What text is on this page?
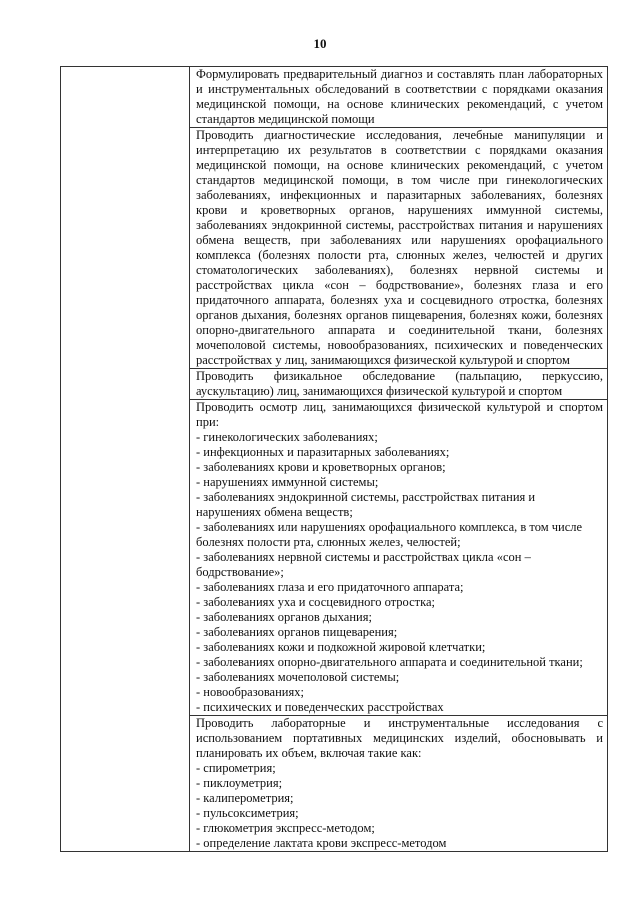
10

Формулировать предварительный диагноз и составлять план лабораторных и инструментальных обследований в соответствии с порядками оказания медицинской помощи, на основе клинических рекомендаций, с учетом стандартов медицинской помощи

Проводить диагностические исследования, лечебные манипуляции и интерпретацию их результатов в соответствии с порядками оказания медицинской помощи, на основе клинических рекомендаций, с учетом стандартов медицинской помощи, в том числе при гинекологических заболеваниях, инфекционных и паразитарных заболеваниях, болезнях крови и кроветворных органов, нарушениях иммунной системы, заболеваниях эндокринной системы, расстройствах питания и нарушениях обмена веществ, при заболеваниях или нарушениях орофациального комплекса (болезнях полости рта, слюнных желез, челюстей и других стоматологических заболеваниях), болезнях нервной системы и расстройствах цикла «сон – бодрствование», болезнях глаза и его придаточного аппарата, болезнях уха и сосцевидного отростка, болезнях органов дыхания, болезнях органов пищеварения, болезнях кожи, болезнях опорно-двигательного аппарата и соединительной ткани, болезнях мочеполовой системы, новообразованиях, психических и поведенческих расстройствах у лиц, занимающихся физической культурой и спортом

Проводить физикальное обследование (пальпацию, перкуссию, аускультацию) лиц, занимающихся физической культурой и спортом

Проводить осмотр лиц, занимающихся физической культурой и спортом при:
- гинекологических заболеваниях;
- инфекционных и паразитарных заболеваниях;
- заболеваниях крови и кроветворных органов;
- нарушениях иммунной системы;
- заболеваниях эндокринной системы, расстройствах питания и нарушениях обмена веществ;
- заболеваниях или нарушениях орофациального комплекса, в том числе болезнях полости рта, слюнных желез, челюстей;
- заболеваниях нервной системы и расстройствах цикла «сон – бодрствование»;
- заболеваниях глаза и его придаточного аппарата;
- заболеваниях уха и сосцевидного отростка;
- заболеваниях органов дыхания;
- заболеваниях органов пищеварения;
- заболеваниях кожи и подкожной жировой клетчатки;
- заболеваниях опорно-двигательного аппарата и соединительной ткани;
- заболеваниях мочеполовой системы;
- новообразованиях;
- психических и поведенческих расстройствах

Проводить лабораторные и инструментальные исследования с использованием портативных медицинских изделий, обосновывать и планировать их объем, включая такие как:
- спирометрия;
- пиклоуметрия;
- калиперометрия;
- пульсоксиметрия;
- глюкометрия экспресс-методом;
- определение лактата крови экспресс-методом
